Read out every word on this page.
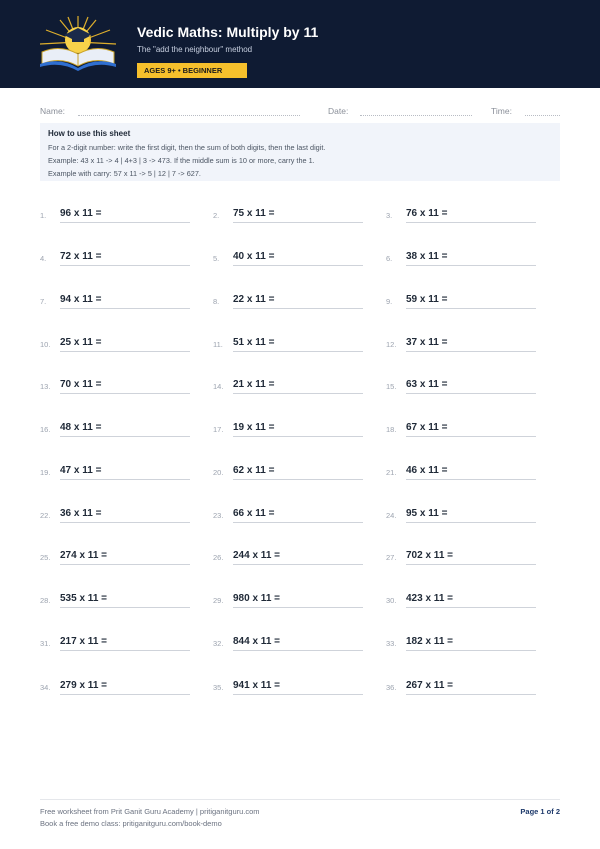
Vedic Maths: Multiply by 11
The "add the neighbour" method
AGES 9+ • BEGINNER
Name:	Date:	Time:
How to use this sheet
For a 2-digit number: write the first digit, then the sum of both digits, then the last digit.
Example: 43 x 11 -> 4 | 4+3 | 3 -> 473. If the middle sum is 10 or more, carry the 1.
Example with carry: 57 x 11 -> 5 | 12 | 7 -> 627.
1. 96 x 11 =	2. 75 x 11 =	3. 76 x 11 =
4. 72 x 11 =	5. 40 x 11 =	6. 38 x 11 =
7. 94 x 11 =	8. 22 x 11 =	9. 59 x 11 =
10. 25 x 11 =	11. 51 x 11 =	12. 37 x 11 =
13. 70 x 11 =	14. 21 x 11 =	15. 63 x 11 =
16. 48 x 11 =	17. 19 x 11 =	18. 67 x 11 =
19. 47 x 11 =	20. 62 x 11 =	21. 46 x 11 =
22. 36 x 11 =	23. 66 x 11 =	24. 95 x 11 =
25. 274 x 11 =	26. 244 x 11 =	27. 702 x 11 =
28. 535 x 11 =	29. 980 x 11 =	30. 423 x 11 =
31. 217 x 11 =	32. 844 x 11 =	33. 182 x 11 =
34. 279 x 11 =	35. 941 x 11 =	36. 267 x 11 =
Free worksheet from Prit Ganit Guru Academy | pritiganitguru.com
Book a free demo class: pritiganitguru.com/book-demo
Page 1 of 2
